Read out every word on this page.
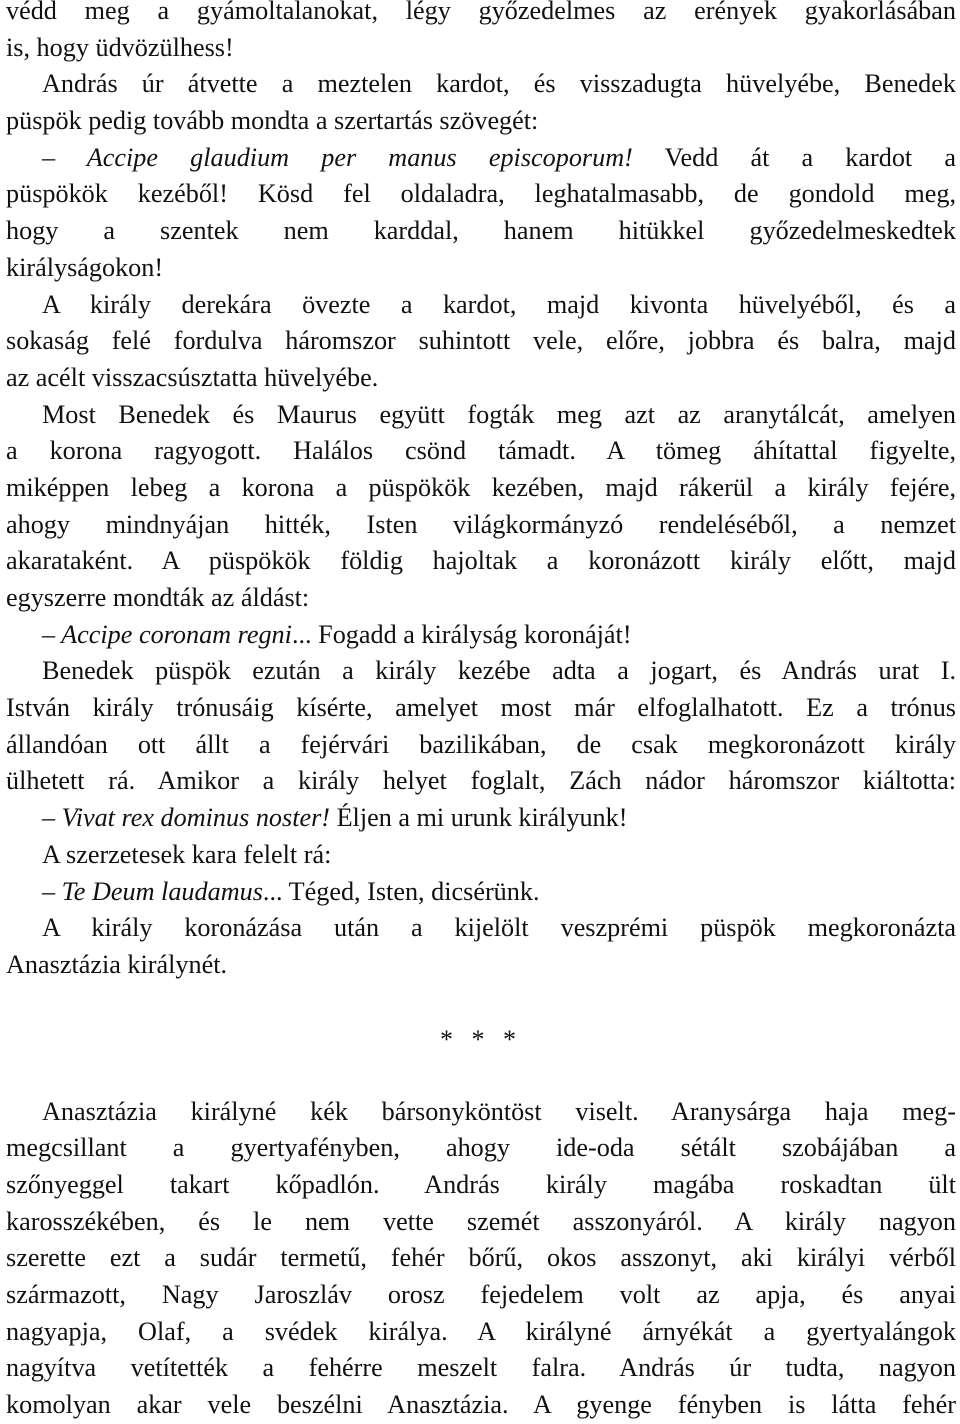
védd meg a gyámoltalanokat, légy győzedelmes az erények gyakorlásában
is, hogy üdvözülhess!
András úr átvette a meztelen kardot, és visszadugta hüvelyébe, Benedek
püspök pedig tovább mondta a szertartás szövegét:
– Accipe glaudium per manus episcoporum! Vedd át a kardot a
püspökök kezéből! Kösd fel oldaladra, leghatalmasabb, de gondold meg,
hogy a szentek nem karddal, hanem hitükkel győzedelmeskedtek
királyságokon!
A király derekára övezte a kardot, majd kivonta hüvelyéből, és a
sokaság felé fordulva háromszor suhintott vele, előre, jobbra és balra, majd
az acélt visszacsúsztatta hüvelyébe.
Most Benedek és Maurus együtt fogták meg azt az aranytálcát, amelyen
a korona ragyogott. Halálos csönd támadt. A tömeg áhítattal figyelte,
miképpen lebeg a korona a püspökök kezében, majd rákerül a király fejére,
ahogy mindnyájan hitték, Isten világkormányzó rendeléséből, a nemzet
akarataként. A püspökök földig hajoltak a koronázott király előtt, majd
egyszerre mondták az áldást:
– Accipe coronam regni... Fogadd a királyság koronáját!
Benedek püspök ezután a király kezébe adta a jogart, és András urat I.
István király trónusáig kísérte, amelyet most már elfoglalhatott. Ez a trónus
állandóan ott állt a fejérvári bazilikában, de csak megkoronázott király
ülhetett rá. Amikor a király helyet foglalt, Zách nádor háromszor kiáltotta:
– Vivat rex dominus noster! Éljen a mi urunk királyunk!
A szerzetesek kara felelt rá:
– Te Deum laudamus... Téged, Isten, dicsérünk.
A király koronázása után a kijelölt veszprémi püspök megkoronázta
Anasztázia királynét.
* * *
Anasztázia királyné kék bársonyköntöst viselt. Aranysárga haja meg-
megcsillant a gyertyafényben, ahogy ide-oda sétált szobájában a
szőnyeggel takart kőpadlón. András király magába roskadtan ült
karosszékében, és le nem vette szemét asszonyáról. A király nagyon
szerette ezt a sudár termetű, fehér bőrű, okos asszonyt, aki királyi vérből
származott, Nagy Jaroszláv orosz fejedelem volt az apja, és anyai
nagyapja, Olaf, a svédek királya. A királyné árnyékát a gyertyalángok
nagyítva vetítették a fehérre meszelt falra. András úr tudta, nagyon
komolyan akar vele beszélni Anasztázia. A gyenge fényben is látta fehér
